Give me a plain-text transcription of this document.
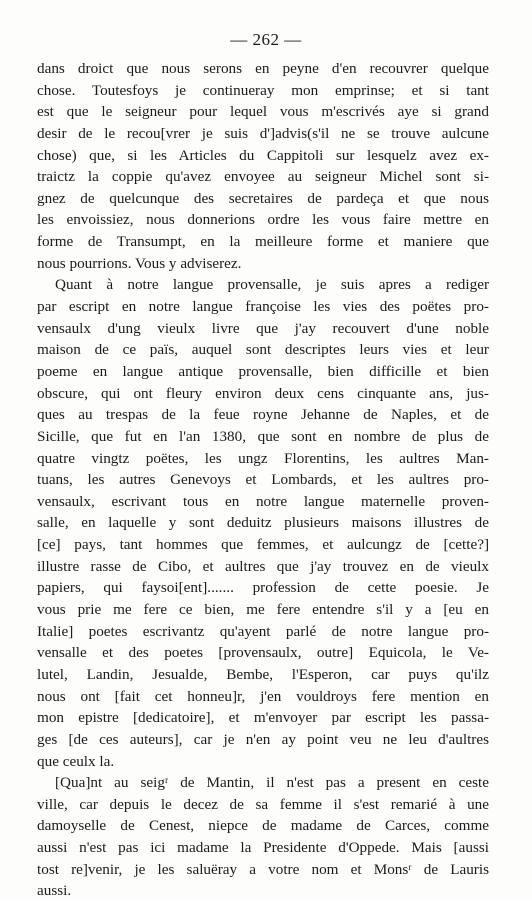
— 262 —
dans droict que nous serons en peyne d'en recouvrer quelque
chose. Toutesfoys je continueray mon emprinse; et si tant
est que le seigneur pour lequel vous m'escrivés aye si grand
desir de le recou[vrer je suis d']advis(s'il ne se trouve aulcune
chose) que, si les Articles du Cappitoli sur lesquelz avez ex-
traictz la coppie qu'avez envoyee au seigneur Michel sont si-
gnez de quelcunque des secretaires de pardeça et que nous
les envoissiez, nous donnerions ordre les vous faire mettre en
forme de Transumpt, en la meilleure forme et maniere que
nous pourrions. Vous y adviserez.
Quant à notre langue provensalle, je suis apres a rediger
par escript en notre langue françoise les vies des poëtes pro-
vensaulx d'ung vieulx livre que j'ay recouvert d'une noble
maison de ce païs, auquel sont descriptes leurs vies et leur
poeme en langue antique provensalle, bien difficille et bien
obscure, qui ont fleury environ deux cens cinquante ans, jus-
ques au trespas de la feue royne Jehanne de Naples, et de
Sicille, que fut en l'an 1380, que sont en nombre de plus de
quatre vingtz poëtes, les ungz Florentins, les aultres Man-
tuans, les autres Genevoys et Lombards, et les aultres pro-
vensaulx, escrivant tous en notre langue maternelle proven-
salle, en laquelle y sont deduitz plusieurs maisons illustres de
[ce] pays, tant hommes que femmes, et aulcungz de [cette?]
illustre rasse de Cibo, et aultres que j'ay trouvez en de vieulx
papiers, qui faysoi[ent]....... profession de cette poesie. Je
vous prie me fere ce bien, me fere entendre s'il y a [eu en
Italie] poetes escrivantz qu'ayent parlé de notre langue pro-
vensalle et des poetes [provensaulx, outre] Equicola, le Ve-
lutel, Landin, Jesualde, Bembe, l'Esperon, car puys qu'ilz
nous ont [fait cet honneu]r, j'en vouldroys fere mention en
mon epistre [dedicatoire], et m'envoyer par escript les passa-
ges [de ces auteurs], car je n'en ay point veu ne leu d'aultres
que ceulx la.
[Qua]nt au seigʳ de Mantin, il n'est pas a present en ceste
ville, car depuis le decez de sa femme il s'est remarié à une
damoyselle de Cenest, niepce de madame de Carces, comme
aussi n'est pas ici madame la Presidente d'Oppede. Mais [aussi
tost re]venir, je les saluëray a votre nom et Monsʳ de Lauris
aussi.
